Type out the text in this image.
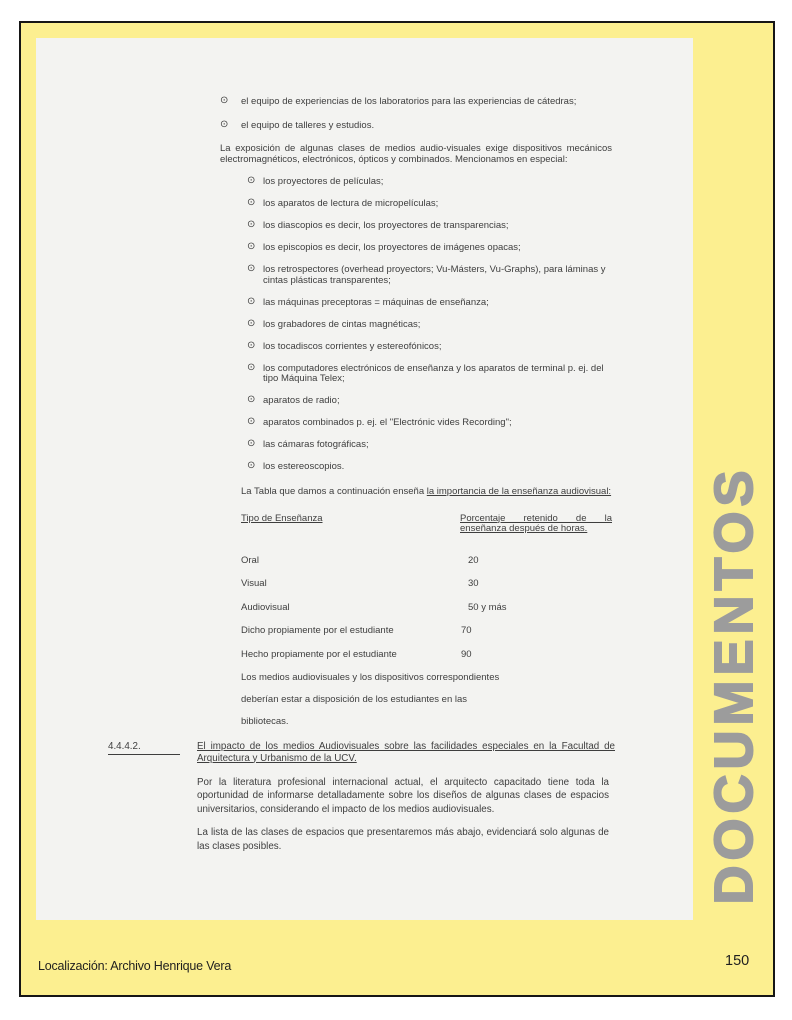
⊙ el equipo de experiencias de los laboratorios para las experiencias de cátedras;
⊙ el equipo de talleres y estudios.

La exposición de algunas clases de medios audio-visuales exige dispositivos mecánicos electromagnéticos, electrónicos, ópticos y combinados. Mencionamos en especial:

⊙ los proyectores de películas;
⊙ los aparatos de lectura de micropelículas;
⊙ los diascopios es decir, los proyectores de transparencias;
⊙ los episcopios es decir, los proyectores de imágenes opacas;
⊙ los retrospectores (overhead proyectors; Vu-Másters, Vu-Graphs), para láminas y cintas plásticas transparentes;
⊙ las máquinas preceptoras = máquinas de enseñanza;
⊙ los grabadores de cintas magnéticas;
⊙ los tocadiscos corrientes y estereofónicos;
⊙ los computadores electrónicos de enseñanza y los aparatos de terminal p. ej. del tipo Máquina Telex;
⊙ aparatos de radio;
⊙ aparatos combinados p. ej. el "Electrónic vides Recording";
⊙ las cámaras fotográficas;
⊙ los estereoscopios.

La Tabla que damos a continuación enseña la importancia de la enseñanza audiovisual:

Tipo de Enseñanza	Porcentaje retenido de la enseñanza después de horas.
Oral	20
Visual	30
Audiovisual	50 y más
Dicho propiamente por el estudiante	70
Hecho propiamente por el estudiante	90

Los medios audiovisuales y los dispositivos correspondientes

deberían estar a disposición de los estudiantes en las

bibliotecas.

4.4.4.2.	El impacto de los medios Audiovisuales sobre las facilidades especiales en la Facultad de Arquitectura y Urbanismo de la UCV.

Por la literatura profesional internacional actual, el arquitecto capacitado tiene toda la oportunidad de informarse detalladamente sobre los diseños de algunas clases de espacios universitarios, considerando el impacto de los medios audiovisuales.

La lista de las clases de espacios que presentaremos más abajo, evidenciará solo algunas de las clases posibles.	DOCUMENTOS
Localización: Archivo Henrique Vera	150
